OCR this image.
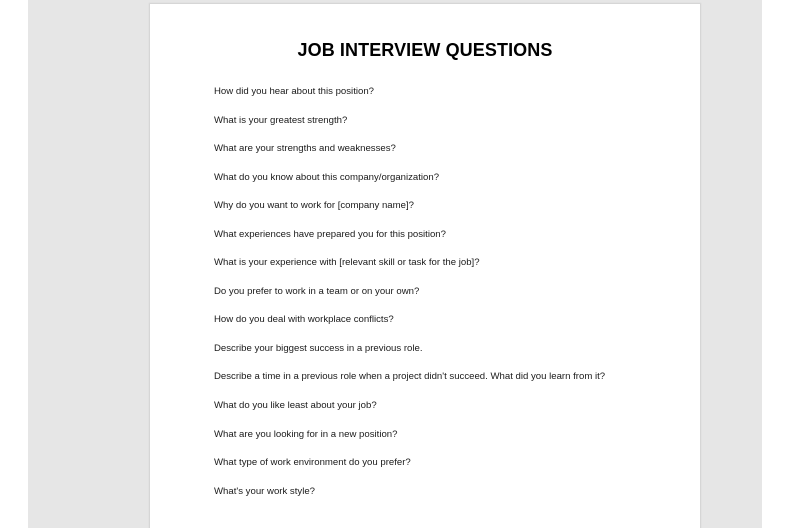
JOB INTERVIEW QUESTIONS
How did you hear about this position?
What is your greatest strength?
What are your strengths and weaknesses?
What do you know about this company/organization?
Why do you want to work for [company name]?
What experiences have prepared you for this position?
What is your experience with [relevant skill or task for the job]?
Do you prefer to work in a team or on your own?
How do you deal with workplace conflicts?
Describe your biggest success in a previous role.
Describe a time in a previous role when a project didn't succeed. What did you learn from it?
What do you like least about your job?
What are you looking for in a new position?
What type of work environment do you prefer?
What's your work style?
